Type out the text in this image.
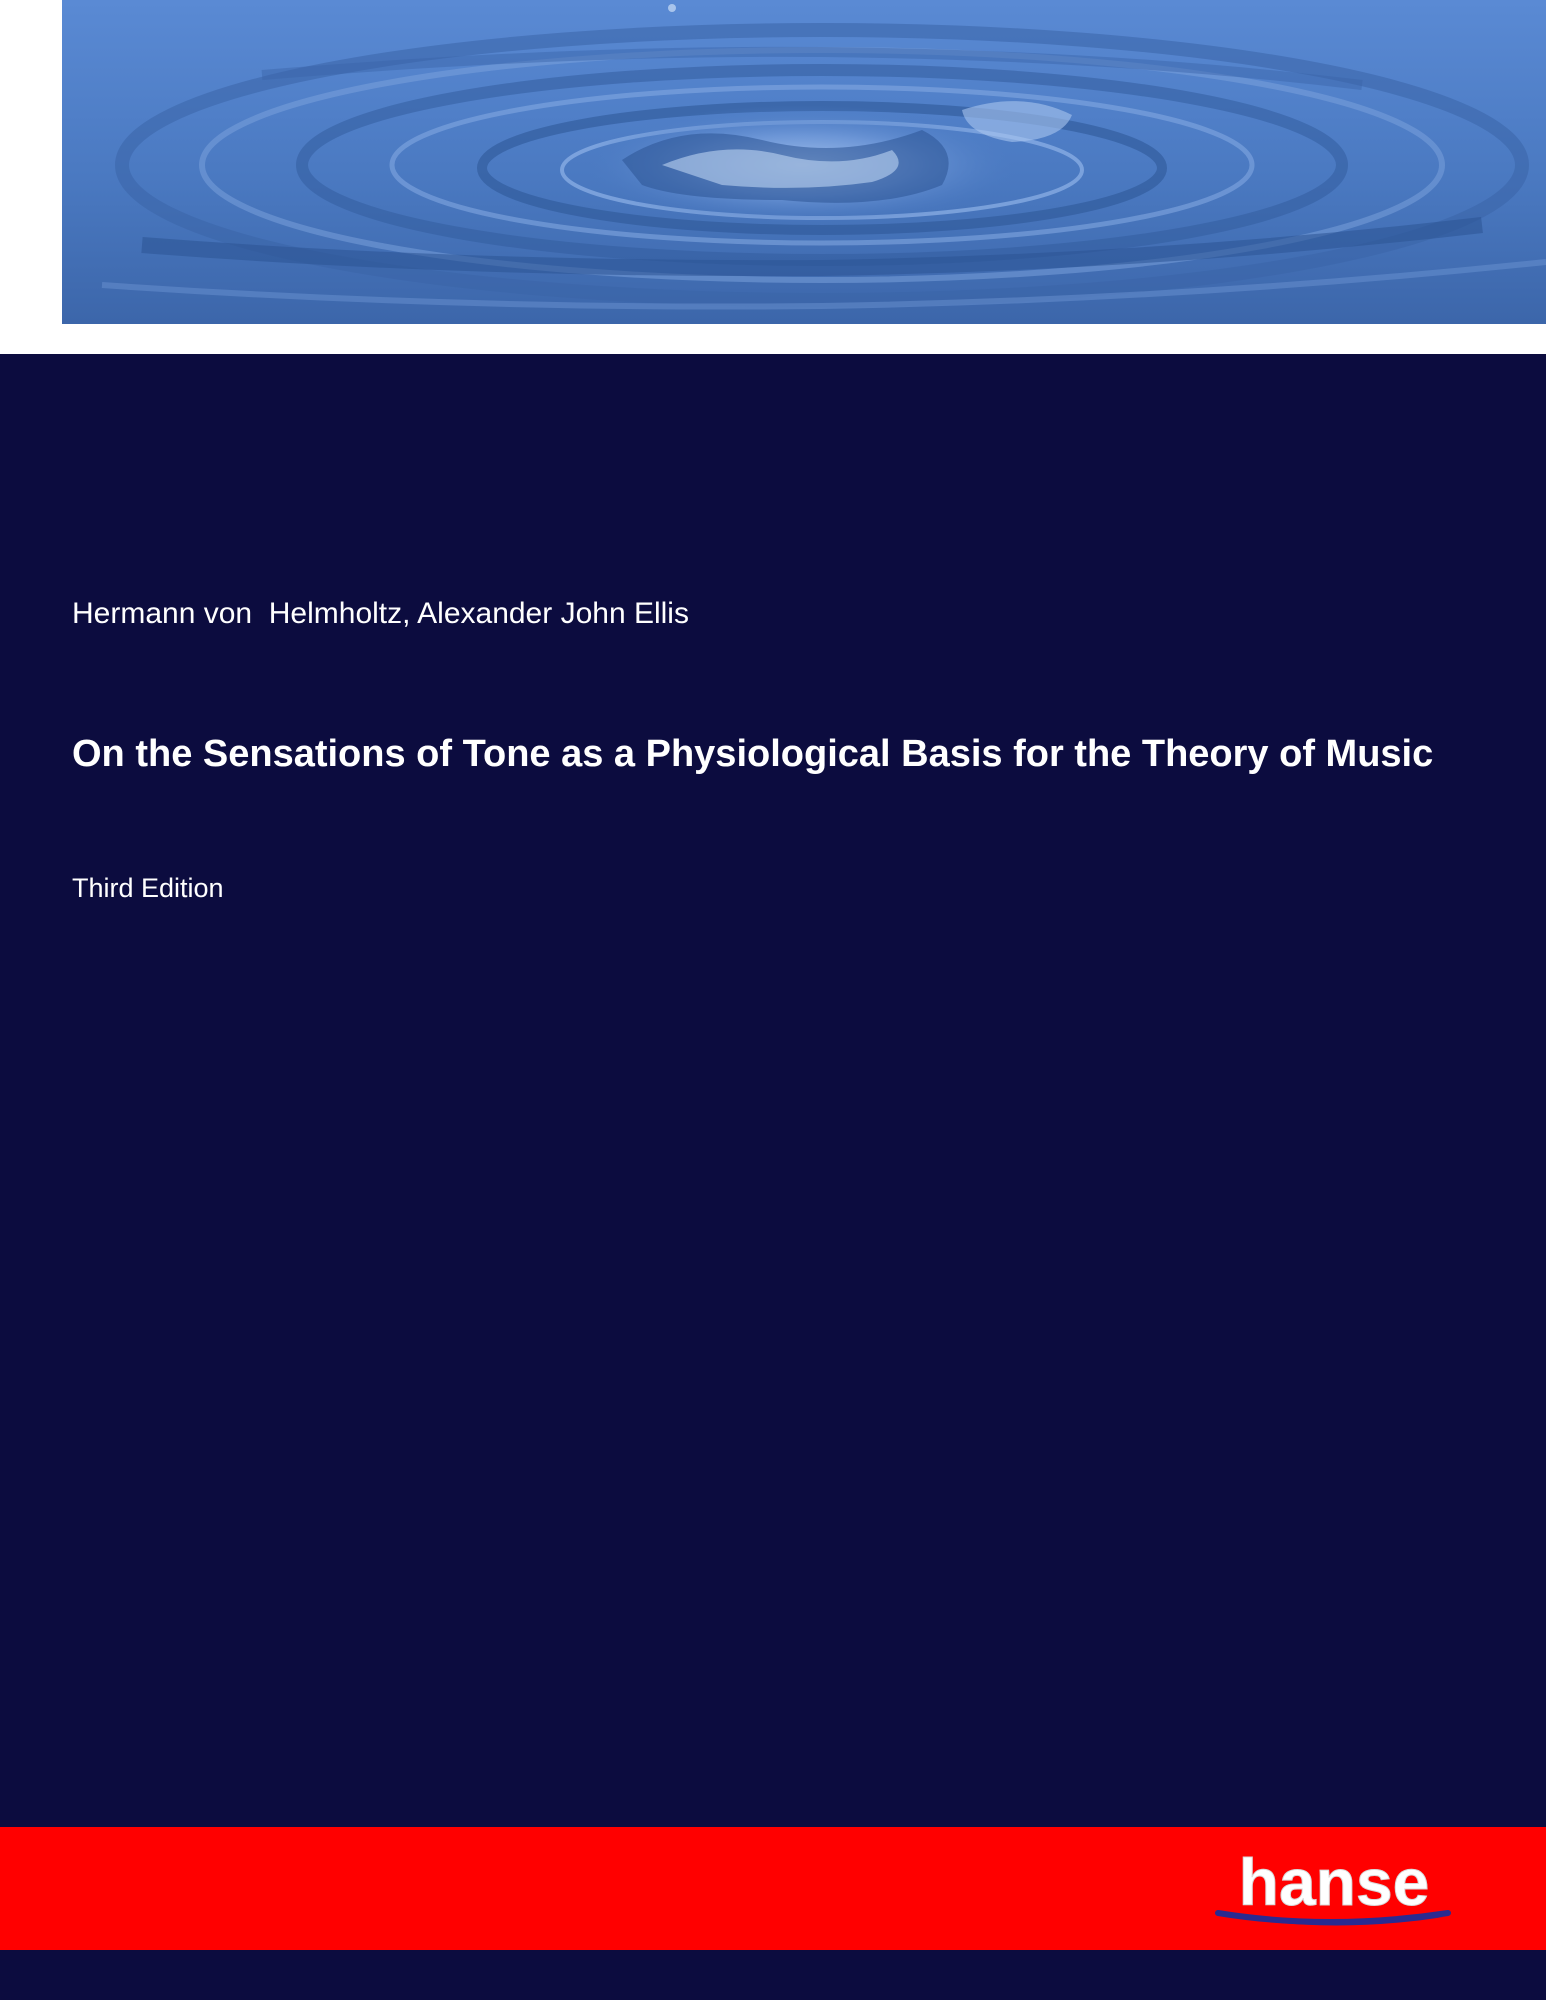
Hermann von  Helmholtz, Alexander John Ellis
On the Sensations of Tone as a Physiological Basis for the Theory of Music
Third Edition
hanse
